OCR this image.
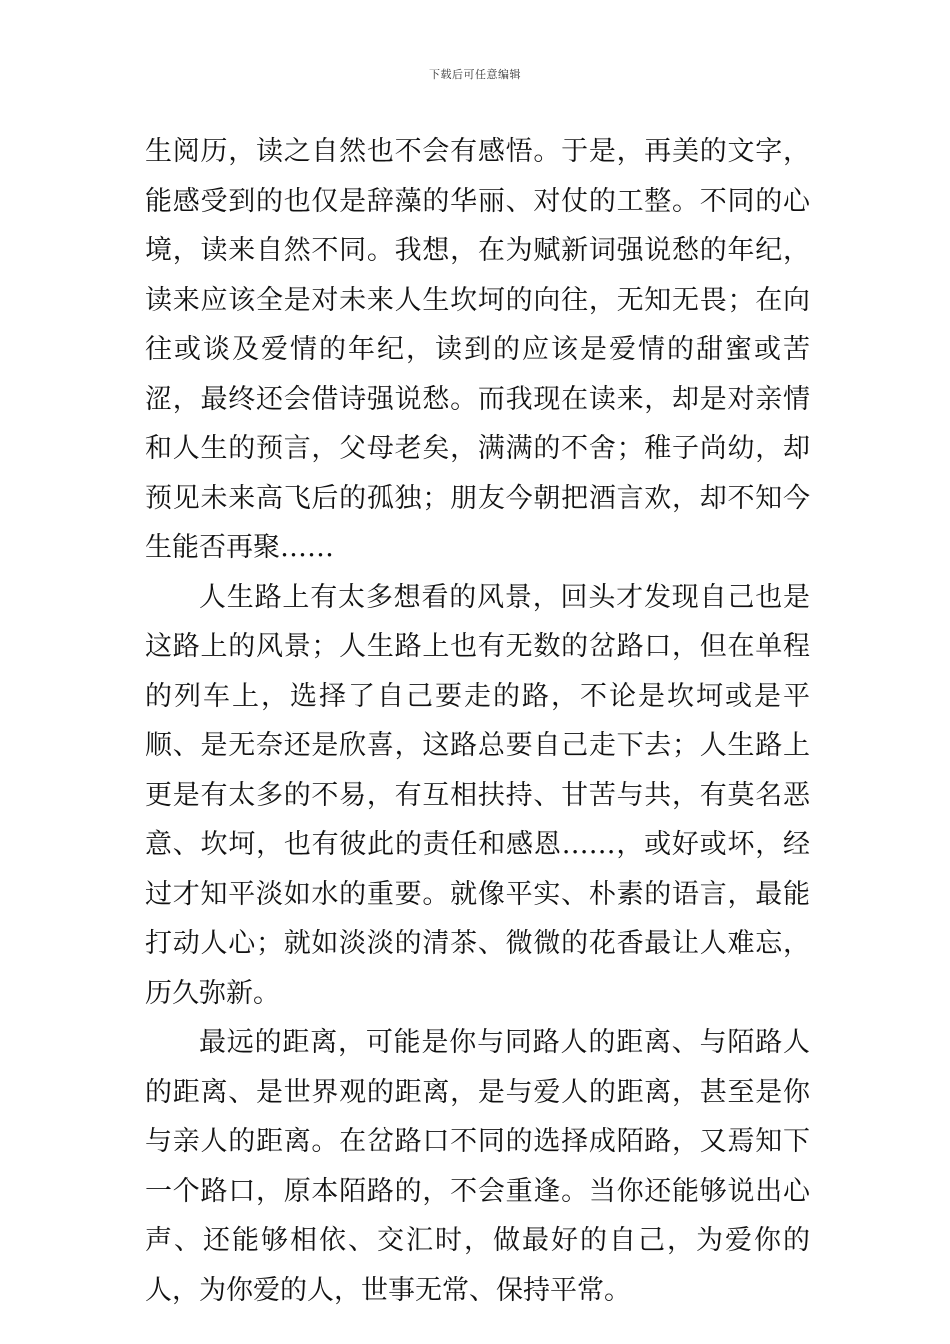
下载后可任意编辑

生阅历，读之自然也不会有感悟。于是，再美的文字，能感受到的也仅是辞藻的华丽、对仗的工整。不同的心境，读来自然不同。我想，在为赋新词强说愁的年纪，读来应该全是对未来人生坎坷的向往，无知无畏；在向往或谈及爱情的年纪，读到的应该是爱情的甜蜜或苦涩，最终还会借诗强说愁。而我现在读来，却是对亲情和人生的预言，父母老矣，满满的不舍；稚子尚幼，却预见未来高飞后的孤独；朋友今朝把酒言欢，却不知今生能否再聚……

人生路上有太多想看的风景，回头才发现自己也是这路上的风景；人生路上也有无数的岔路口，但在单程的列车上，选择了自己要走的路，不论是坎坷或是平顺、是无奈还是欣喜，这路总要自己走下去；人生路上更是有太多的不易，有互相扶持、甘苦与共，有莫名恶意、坎坷，也有彼此的责任和感恩……，或好或坏，经过才知平淡如水的重要。就像平实、朴素的语言，最能打动人心；就如淡淡的清茶、微微的花香最让人难忘，历久弥新。

最远的距离，可能是你与同路人的距离、与陌路人的距离、是世界观的距离，是与爱人的距离，甚至是你与亲人的距离。在岔路口不同的选择成陌路，又焉知下一个路口，原本陌路的，不会重逢。当你还能够说出心声、还能够相依、交汇时，做最好的自己，为爱你的人，为你爱的人，世事无常、保持平常。
